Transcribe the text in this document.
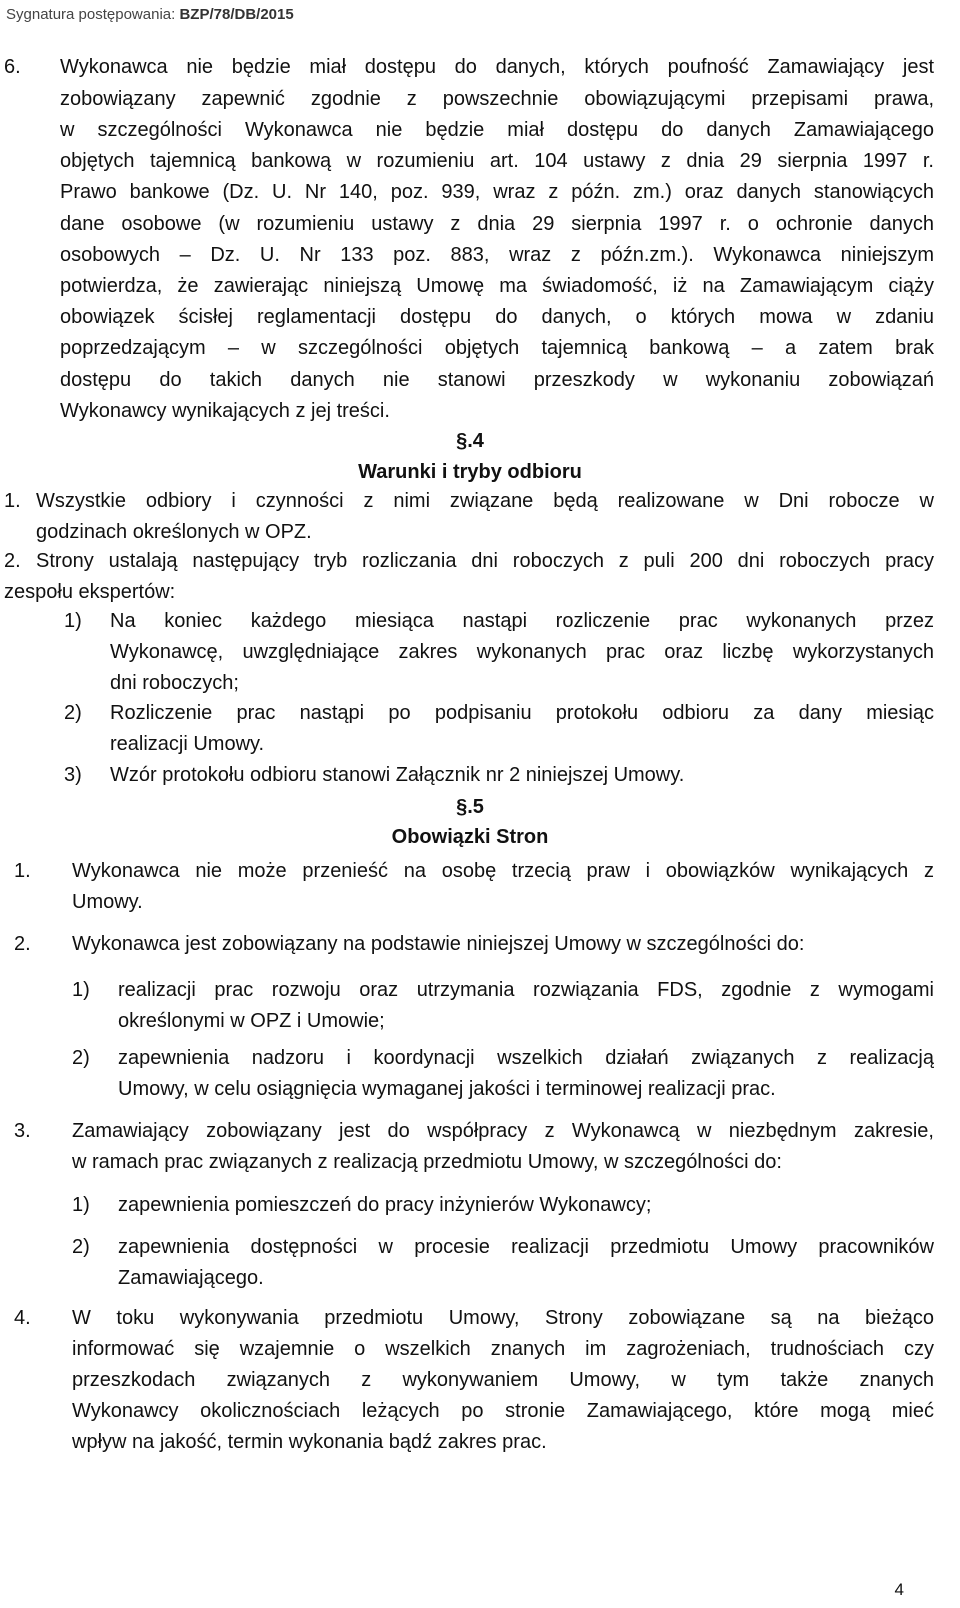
Sygnatura postępowania: BZP/78/DB/2015
6. Wykonawca nie będzie miał dostępu do danych, których poufność Zamawiający jest
zobowiązany zapewnić zgodnie z powszechnie obowiązującymi przepisami prawa,
w szczególności Wykonawca nie będzie miał dostępu do danych Zamawiającego
objętych tajemnicą bankową w rozumieniu art. 104 ustawy z dnia 29 sierpnia 1997 r.
Prawo bankowe (Dz. U. Nr 140, poz. 939, wraz z późn. zm.) oraz danych stanowiących
dane osobowe (w rozumieniu ustawy z dnia 29 sierpnia 1997 r. o ochronie danych
osobowych – Dz. U. Nr 133 poz. 883, wraz z późn.zm.). Wykonawca niniejszym
potwierdza, że zawierając niniejszą Umowę ma świadomość, iż na Zamawiającym ciąży
obowiązek ścisłej reglamentacji dostępu do danych, o których mowa w zdaniu
poprzedzającym – w szczególności objętych tajemnicą bankową – a zatem brak
dostępu do takich danych nie stanowi przeszkody w wykonaniu zobowiązań
Wykonawcy wynikających z jej treści.
§.4
Warunki i tryby odbioru
1. Wszystkie odbiory i czynności z nimi związane będą realizowane w Dni robocze w
godzinach określonych w OPZ.
2. Strony ustalają następujący tryb rozliczania dni roboczych z puli 200 dni roboczych pracy
zespołu ekspertów:
1) Na koniec każdego miesiąca nastąpi rozliczenie prac wykonanych przez
Wykonawcę, uwzględniające zakres wykonanych prac oraz liczbę wykorzystanych
dni roboczych;
2) Rozliczenie prac nastąpi po podpisaniu protokołu odbioru za dany miesiąc
realizacji Umowy.
3) Wzór protokołu odbioru stanowi Załącznik nr 2 niniejszej Umowy.
§.5
Obowiązki Stron
1. Wykonawca nie może przenieść na osobę trzecią praw i obowiązków wynikających z
Umowy.
2. Wykonawca jest zobowiązany na podstawie niniejszej Umowy w szczególności do:
1) realizacji prac rozwoju oraz utrzymania rozwiązania FDS, zgodnie z wymogami
określonymi w OPZ i Umowie;
2) zapewnienia nadzoru i koordynacji wszelkich działań związanych z realizacją
Umowy, w celu osiągnięcia wymaganej jakości i terminowej realizacji prac.
3. Zamawiający zobowiązany jest do współpracy z Wykonawcą w niezbędnym zakresie,
w ramach prac związanych z realizacją przedmiotu Umowy, w szczególności do:
1) zapewnienia pomieszczeń do pracy inżynierów Wykonawcy;
2) zapewnienia dostępności w procesie realizacji przedmiotu Umowy pracowników
Zamawiającego.
4. W toku wykonywania przedmiotu Umowy, Strony zobowiązane są na bieżąco
informować się wzajemnie o wszelkich znanych im zagrożeniach, trudnościach czy
przeszkodach związanych z wykonywaniem Umowy, w tym także znanych
Wykonawcy okolicznościach leżących po stronie Zamawiającego, które mogą mieć
wpływ na jakość, termin wykonania bądź zakres prac.
4
